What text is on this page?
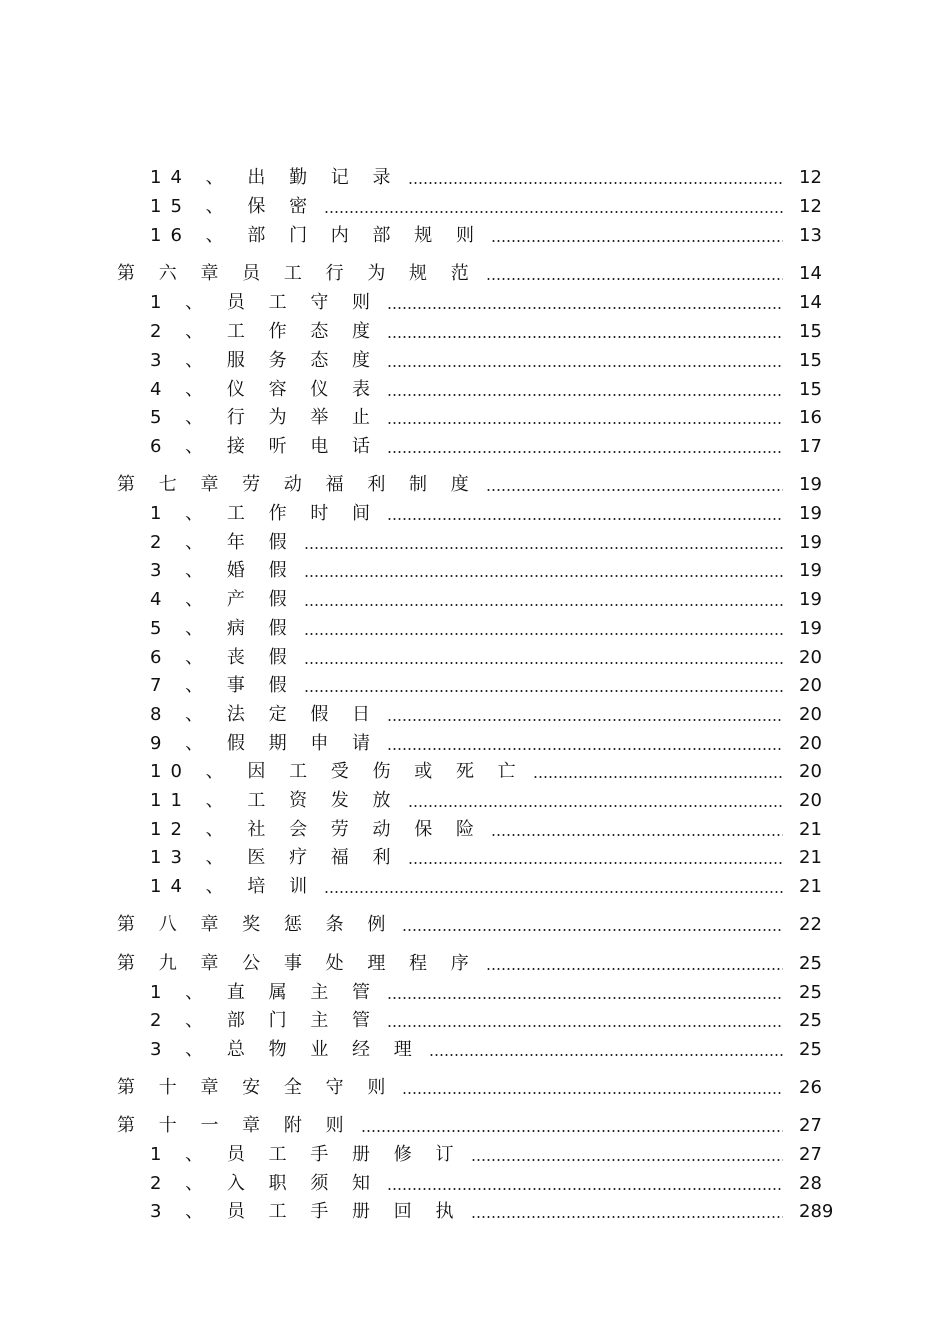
14 、 出 勤 记 录	12
15 、 保 密	12
16 、 部 门 内 部 规 则	13
第 六 章 员 工 行 为 规 范	14
1 、 员 工 守 则	14
2 、 工 作 态 度	15
3 、 服 务 态 度	15
4 、 仪 容 仪 表	15
5 、 行 为 举 止	16
6 、 接 听 电 话	17
第 七 章 劳 动 福 利 制 度	19
1 、 工 作 时 间	19
2 、 年 假	19
3 、 婚 假	19
4 、 产 假	19
5 、 病 假	19
6 、 丧 假	20
7 、 事 假	20
8 、 法 定 假 日	20
9 、 假 期 申 请	20
10 、 因 工 受 伤 或 死 亡	20
11 、 工 资 发 放	20
12 、 社 会 劳 动 保 险	21
13 、 医 疗 福 利	21
14 、 培 训	21
第 八 章 奖 惩 条 例	22
第 九 章 公 事 处 理 程 序	25
1 、 直 属 主 管	25
2 、 部 门 主 管	25
3 、 总 物 业 经 理	25
第 十 章 安 全 守 则	26
第 十 一 章 附 则	27
1 、 员 工 手 册 修 订	27
2 、 入 职 须 知	28
3 、 员 工 手 册 回 执	289
